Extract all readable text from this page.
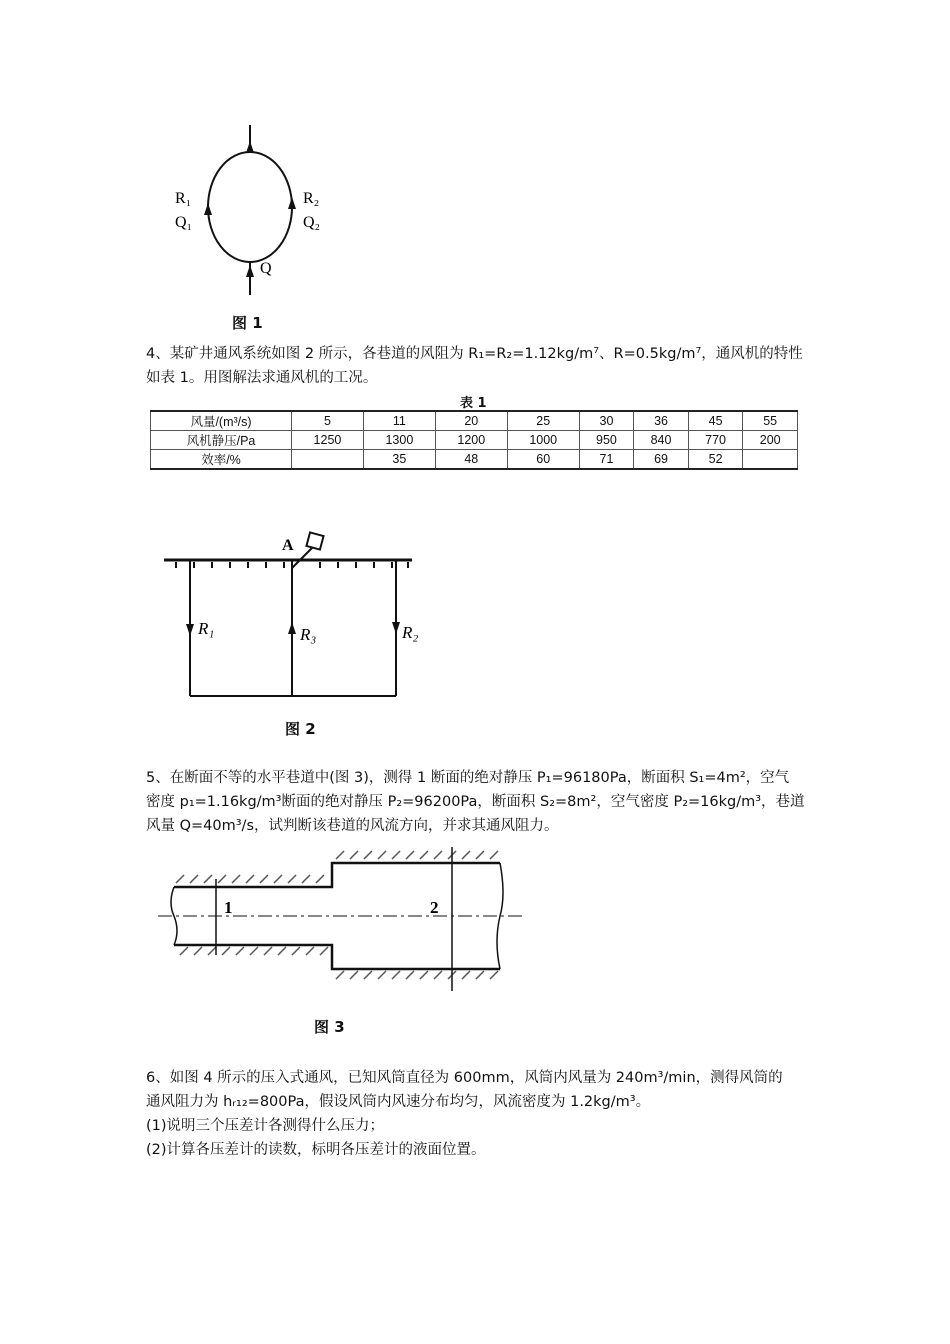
R₁
Q₁
R₂
Q₂
Q
图 1

4、某矿井通风系统如图 2 所示，各巷道的风阻为 R₁=R₂=1.12kg/m⁷、R=0.5kg/m⁷，通风机的特性

如表 1。用图解法求通风机的工况。

表 1
风量/(m³/s)	5	11	20	25	30	36	45	55
风机静压/Pa	1250	1300	1200	1000	950	840	770	200
效率/%		35	48	60	71	69	52	
A
R₁	R₃	R₂
图 2

5、在断面不等的水平巷道中(图 3)，测得 1 断面的绝对静压 P₁=96180Pa，断面积 S₁=4m²，空气

密度 p₁=1.16kg/m³断面的绝对静压 P₂=96200Pa，断面积 S₂=8m²，空气密度 P₂=16kg/m³，巷道

风量 Q=40m³/s，试判断该巷道的风流方向，并求其通风阻力。

1	2
图 3

6、如图 4 所示的压入式通风，已知风筒直径为 600mm，风筒内风量为 240m³/min，测得风筒的

通风阻力为 hᵣ₁₂=800Pa，假设风筒内风速分布均匀，风流密度为 1.2kg/m³。

(1)说明三个压差计各测得什么压力；

(2)计算各压差计的读数，标明各压差计的液面位置。
